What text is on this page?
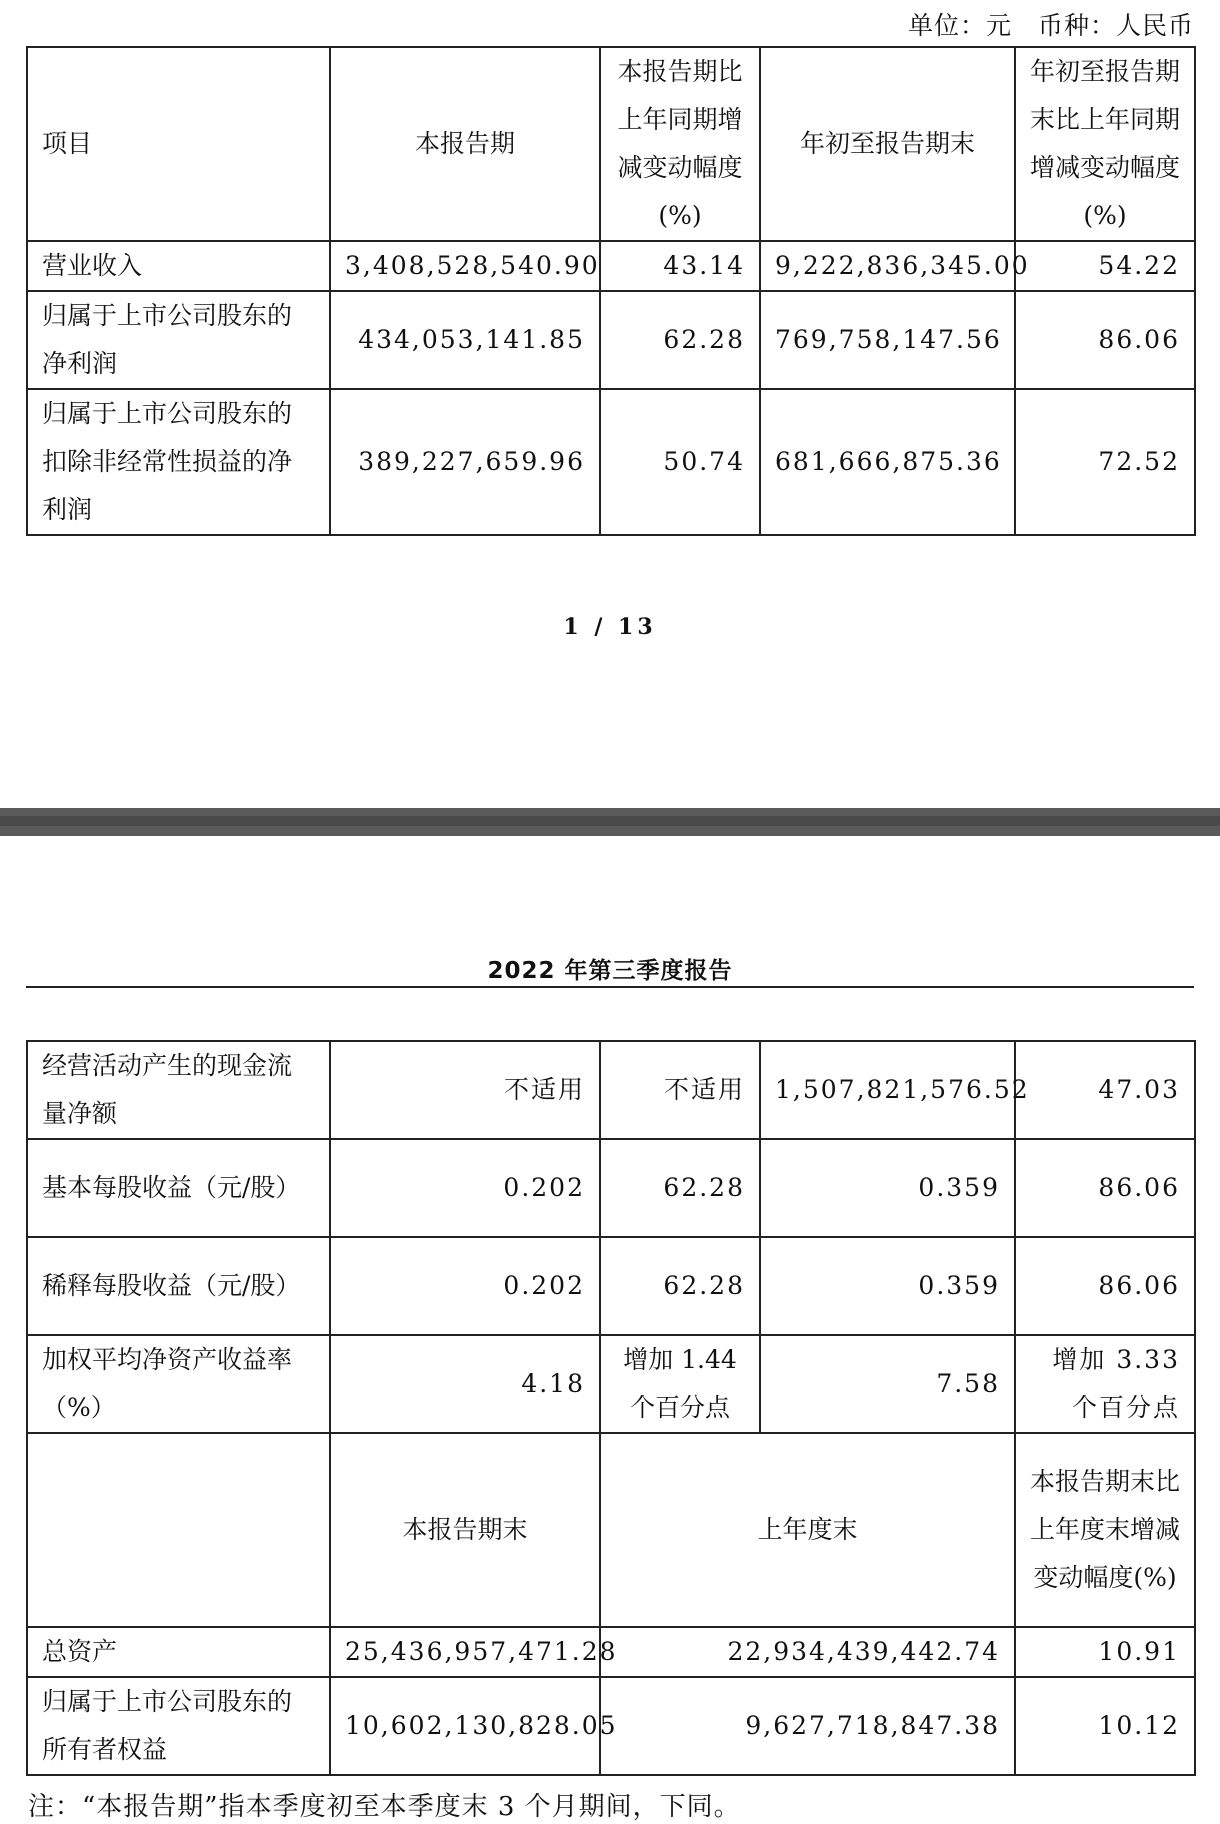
单位：元 币种：人民币
项目	本报告期	本报告期比上年同期增减变动幅度(%)	年初至报告期末	年初至报告期末比上年同期增减变动幅度(%)
营业收入	3,408,528,540.90	43.14	9,222,836,345.00	54.22
归属于上市公司股东的净利润	434,053,141.85	62.28	769,758,147.56	86.06
归属于上市公司股东的扣除非经常性损益的净利润	389,227,659.96	50.74	681,666,875.36	72.52
1 / 13
2022 年第三季度报告
经营活动产生的现金流量净额	不适用	不适用	1,507,821,576.52	47.03
基本每股收益（元/股）	0.202	62.28	0.359	86.06
稀释每股收益（元/股）	0.202	62.28	0.359	86.06
加权平均净资产收益率（%）	4.18	增加 1.44 个百分点	7.58	增加 3.33 个百分点
	本报告期末	上年度末		本报告期末比上年度末增减变动幅度(%)
总资产	25,436,957,471.28	22,934,439,442.74		10.91
归属于上市公司股东的所有者权益	10,602,130,828.05	9,627,718,847.38		10.12
注：“本报告期”指本季度初至本季度末 3 个月期间，下同。
